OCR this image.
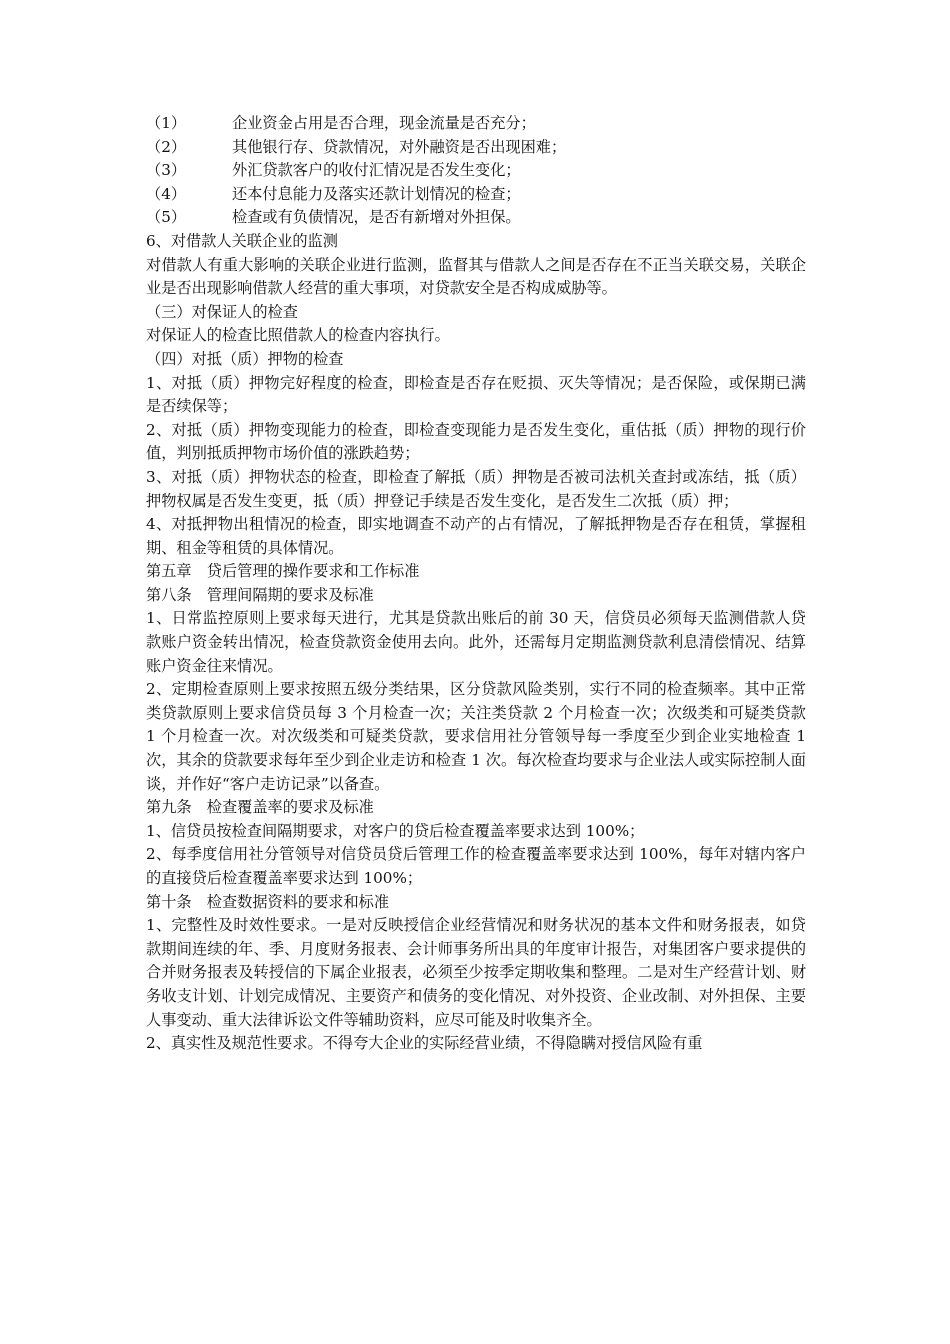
（1）	企业资金占用是否合理，现金流量是否充分；
（2）	其他银行存、贷款情况，对外融资是否出现困难；
（3）	外汇贷款客户的收付汇情况是否发生变化；
（4）	还本付息能力及落实还款计划情况的检查；
（5）	检查或有负债情况，是否有新增对外担保。

6、对借款人关联企业的监测

对借款人有重大影响的关联企业进行监测，监督其与借款人之间是否存在不正当关联交易，关联企业是否出现影响借款人经营的重大事项，对贷款安全是否构成威胁等。

（三）对保证人的检查

对保证人的检查比照借款人的检查内容执行。

（四）对抵（质）押物的检查

1、对抵（质）押物完好程度的检查，即检查是否存在贬损、灭失等情况；是否保险，或保期已满是否续保等；

2、对抵（质）押物变现能力的检查，即检查变现能力是否发生变化，重估抵（质）押物的现行价值，判别抵质押物市场价值的涨跌趋势；

3、对抵（质）押物状态的检查，即检查了解抵（质）押物是否被司法机关查封或冻结，抵（质）押物权属是否发生变更，抵（质）押登记手续是否发生变化，是否发生二次抵（质）押；

4、对抵押物出租情况的检查，即实地调查不动产的占有情况，了解抵押物是否存在租赁，掌握租期、租金等租赁的具体情况。

第五章　贷后管理的操作要求和工作标准

第八条　管理间隔期的要求及标准

1、日常监控原则上要求每天进行，尤其是贷款出账后的前 30 天，信贷员必须每天监测借款人贷款账户资金转出情况，检查贷款资金使用去向。此外，还需每月定期监测贷款利息清偿情况、结算账户资金往来情况。

2、定期检查原则上要求按照五级分类结果，区分贷款风险类别，实行不同的检查频率。其中正常类贷款原则上要求信贷员每 3 个月检查一次；关注类贷款 2 个月检查一次；次级类和可疑类贷款 1 个月检查一次。对次级类和可疑类贷款，要求信用社分管领导每一季度至少到企业实地检查 1 次，其余的贷款要求每年至少到企业走访和检查 1 次。每次检查均要求与企业法人或实际控制人面谈，并作好“客户走访记录”以备查。

第九条　检查覆盖率的要求及标准

1、信贷员按检查间隔期要求，对客户的贷后检查覆盖率要求达到 100%；

2、每季度信用社分管领导对信贷员贷后管理工作的检查覆盖率要求达到 100%，每年对辖内客户的直接贷后检查覆盖率要求达到 100%；

第十条　检查数据资料的要求和标准

1、完整性及时效性要求。一是对反映授信企业经营情况和财务状况的基本文件和财务报表，如贷款期间连续的年、季、月度财务报表、会计师事务所出具的年度审计报告，对集团客户要求提供的合并财务报表及转授信的下属企业报表，必须至少按季定期收集和整理。二是对生产经营计划、财务收支计划、计划完成情况、主要资产和债务的变化情况、对外投资、企业改制、对外担保、主要人事变动、重大法律诉讼文件等辅助资料，应尽可能及时收集齐全。

2、真实性及规范性要求。不得夸大企业的实际经营业绩，不得隐瞒对授信风险有重
